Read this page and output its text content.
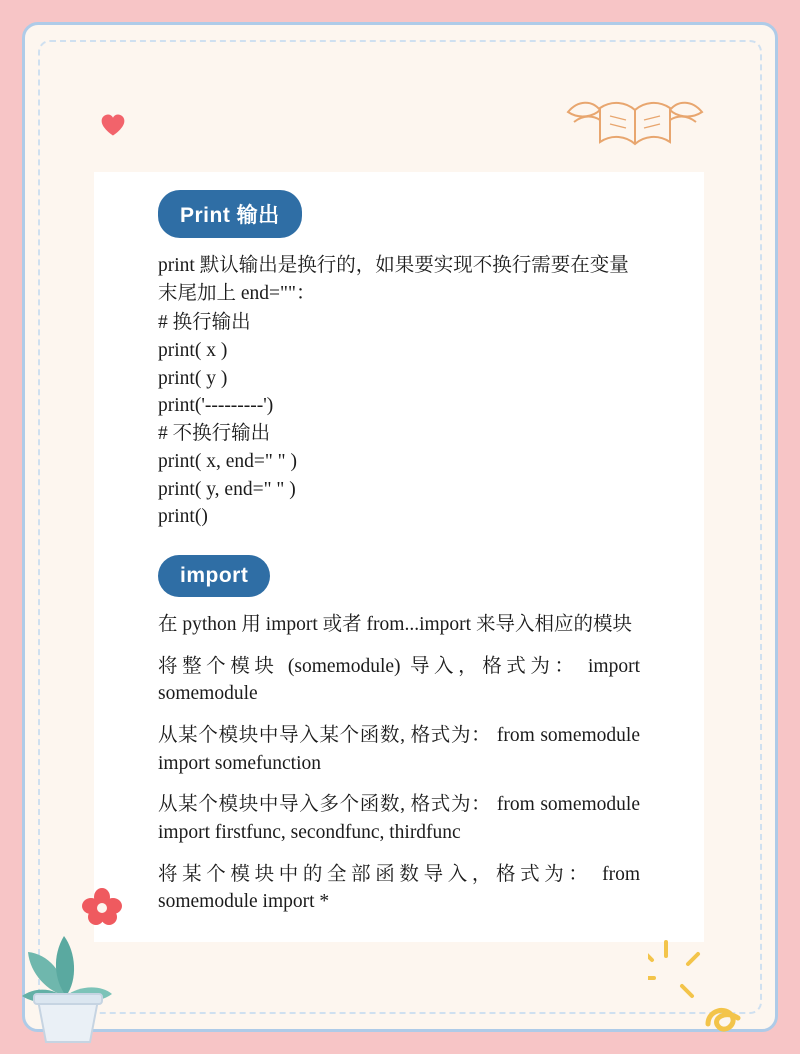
Print 输出
print 默认输出是换行的，如果要实现不换行需要在变量末尾加上 end=""：
# 换行输出
print( x )
print( y )
print('---------')
# 不换行输出
print( x, end=" " )
print( y, end=" " )
print()
import
在 python 用 import 或者 from...import 来导入相应的模块
将整个模块 (somemodule) 导入，格式为： import somemodule
从某个模块中导入某个函数, 格式为： from somemodule import somefunction
从某个模块中导入多个函数, 格式为： from somemodule import firstfunc, secondfunc, thirdfunc
将某个模块中的全部函数导入，格式为： from somemodule import *
